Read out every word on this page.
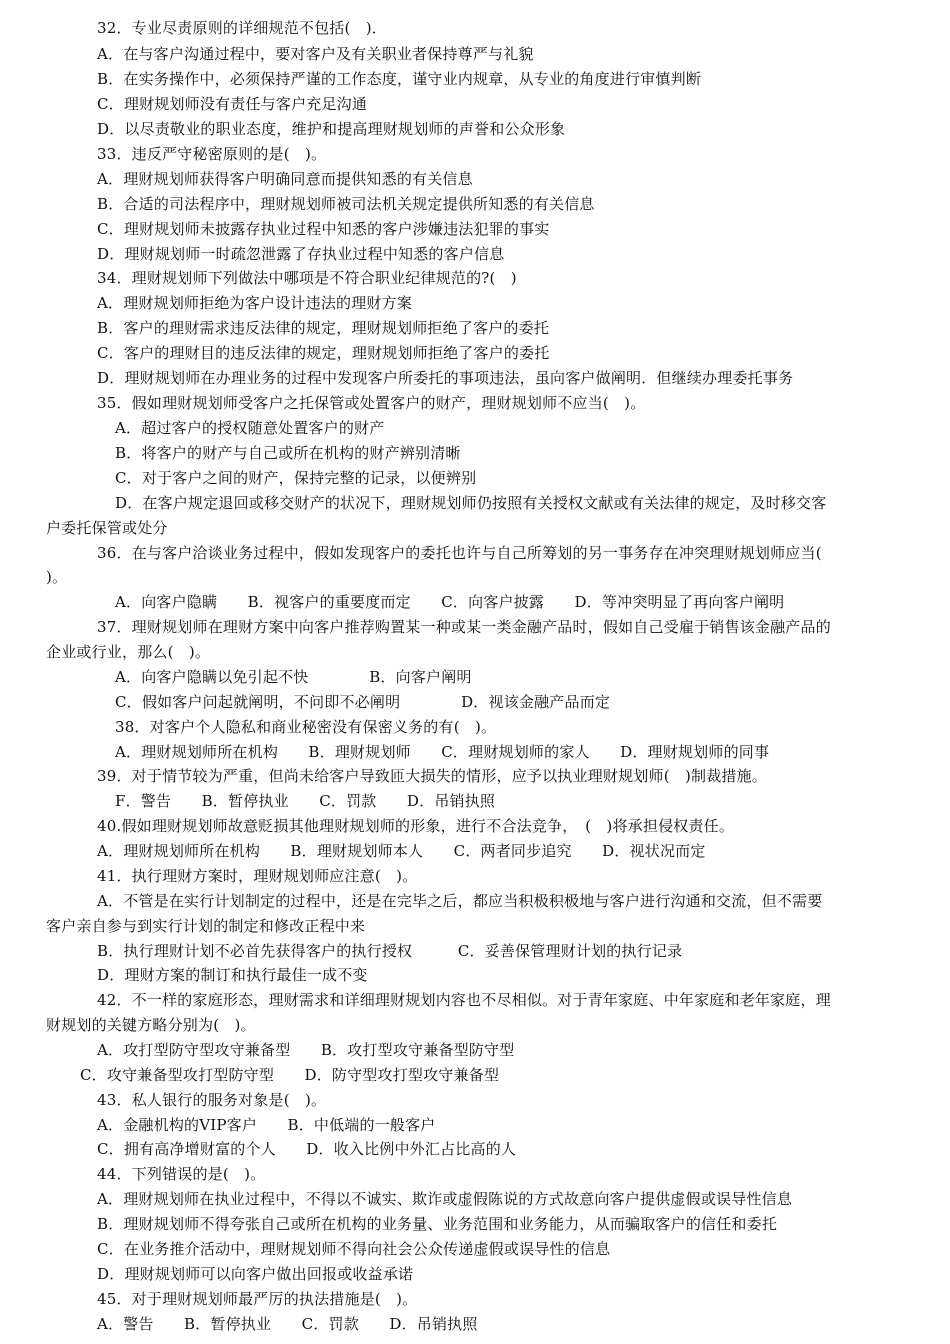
32．专业尽责原则的详细规范不包括(　)．
A．在与客户沟通过程中，要对客户及有关职业者保持尊严与礼貌
B．在实务操作中，必须保持严谨的工作态度，谨守业内规章，从专业的角度进行审慎判断
C．理财规划师没有责任与客户充足沟通
D．以尽责敬业的职业态度，维护和提高理财规划师的声誉和公众形象
33．违反严守秘密原则的是(　)。
A．理财规划师获得客户明确同意而提供知悉的有关信息
B．合适的司法程序中，理财规划师被司法机关规定提供所知悉的有关信息
C．理财规划师未披露存执业过程中知悉的客户涉嫌违法犯罪的事实
D．理财规划师一时疏忽泄露了存执业过程中知悉的客户信息
34．理财规划师下列做法中哪项是不符合职业纪律规范的?(　)
A．理财规划师拒绝为客户设计违法的理财方案
B．客户的理财需求违反法律的规定，理财规划师拒绝了客户的委托
C．客户的理财目的违反法律的规定，理财规划师拒绝了客户的委托
D．理财规划师在办理业务的过程中发现客户所委托的事项违法，虽向客户做阐明．但继续办理委托事务
35．假如理财规划师受客户之托保管或处置客户的财产，理财规划师不应当(　)。
A．超过客户的授权随意处置客户的财产
B．将客户的财产与自己或所在机构的财产辨别清晰
C．对于客户之间的财产，保持完整的记录，以便辨别
D．在客户规定退回或移交财产的状况下，理财规划师仍按照有关授权文献或有关法律的规定，及时移交客
户委托保管或处分
36．在与客户洽谈业务过程中，假如发现客户的委托也许与自己所筹划的另一事务存在冲突理财规划师应当(
)。
A．向客户隐瞒　　B．视客户的重要度而定　　C．向客户披露　　D．等冲突明显了再向客户阐明
37．理财规划师在理财方案中向客户推荐购置某一种或某一类金融产品时，假如自己受雇于销售该金融产品的
企业或行业，那么(　)。
A．向客户隐瞒以免引起不快　　　　B．向客户阐明
C．假如客户问起就阐明，不问即不必阐明　　　　D．视该金融产品而定
38．对客户个人隐私和商业秘密没有保密义务的有(　)。
A．理财规划师所在机构　　B．理财规划师　　C．理财规划师的家人　　D．理财规划师的同事
39．对于情节较为严重，但尚未给客户导致匝大损失的情形，应予以执业理财规划师(　)制裁措施。
F．警告　　B．暂停执业　　C．罚款　　D．吊销执照
40.假如理财规划师故意贬损其他理财规划师的形象，进行不合法竞争，　(　)将承担侵权责任。
A．理财规划师所在机构　　B．理财规划师本人　　C．两者同步追究　　D．视状况而定
41．执行理财方案时，理财规划师应注意(　)。
A．不管是在实行计划制定的过程中，还是在完毕之后，都应当积极积极地与客户进行沟通和交流，但不需要
客户亲自参与到实行计划的制定和修改正程中来
B．执行理财计划不必首先获得客户的执行授权　　　C．妥善保管理财计划的执行记录
D．理财方案的制订和执行最佳一成不变
42．不一样的家庭形态，理财需求和详细理财规划内容也不尽相似。对于青年家庭、中年家庭和老年家庭，理
财规划的关键方略分别为(　)。
A．攻打型防守型攻守兼备型　　B．攻打型攻守兼备型防守型
C．攻守兼备型攻打型防守型　　D．防守型攻打型攻守兼备型
43．私人银行的服务对象是(　)。
A．金融机构的VIP客户　　B．中低端的一般客户
C．拥有高净增财富的个人　　D．收入比例中外汇占比高的人
44．下列错误的是(　)。
A．理财规划师在执业过程中，不得以不诚实、欺诈或虚假陈说的方式故意向客户提供虚假或误导性信息
B．理财规划师不得夸张自己或所在机构的业务量、业务范围和业务能力，从而骗取客户的信任和委托
C．在业务推介活动中，理财规划师不得向社会公众传递虚假或误导性的信息
D．理财规划师可以向客户做出回报或收益承诺
45．对于理财规划师最严厉的执法措施是(　)。
A．警告　　B．暂停执业　　C．罚款　　D．吊销执照
